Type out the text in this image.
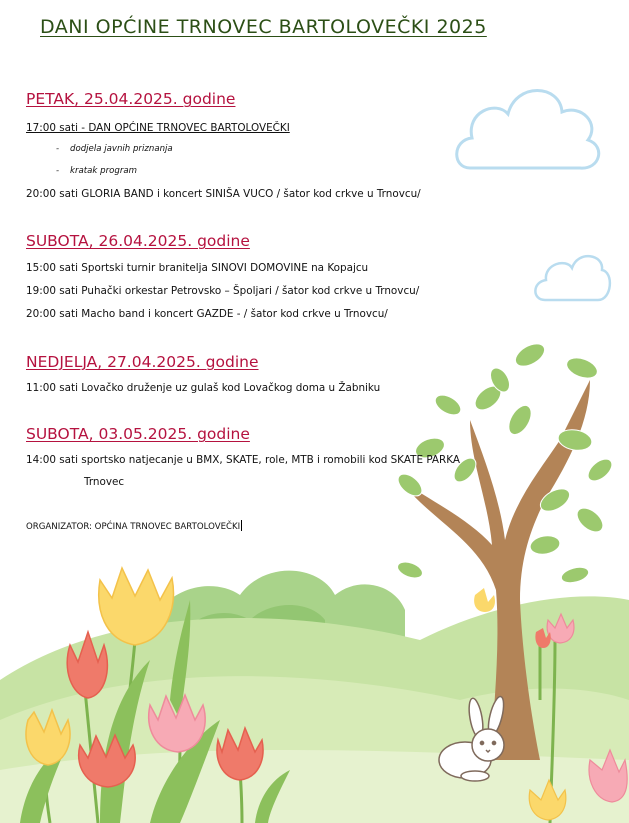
DANI OPĆINE TRNOVEC BARTOLOVEČKI 2025
PETAK, 25.04.2025. godine
17:00 sati - DAN OPĆINE TRNOVEC BARTOLOVEČKI
- dodjela javnih priznanja
- kratak program
20:00 sati GLORIA BAND i koncert SINIŠA VUCO / šator kod crkve u Trnovcu/
SUBOTA, 26.04.2025. godine
15:00 sati Sportski turnir branitelja SINOVI DOMOVINE na Kopajcu
19:00 sati Puhački orkestar Petrovsko – Špoljari / šator kod crkve u Trnovcu/
20:00 sati Macho band i koncert GAZDE - / šator kod crkve u Trnovcu/
NEDJELJA, 27.04.2025. godine
11:00 sati Lovačko druženje uz gulaš kod Lovačkog doma u Žabniku
SUBOTA, 03.05.2025. godine
14:00 sati sportsko natjecanje u BMX, SKATE, role, MTB i romobili kod SKATE PARKA
Trnovec
ORGANIZATOR: OPĆINA TRNOVEC BARTOLOVEČKI
